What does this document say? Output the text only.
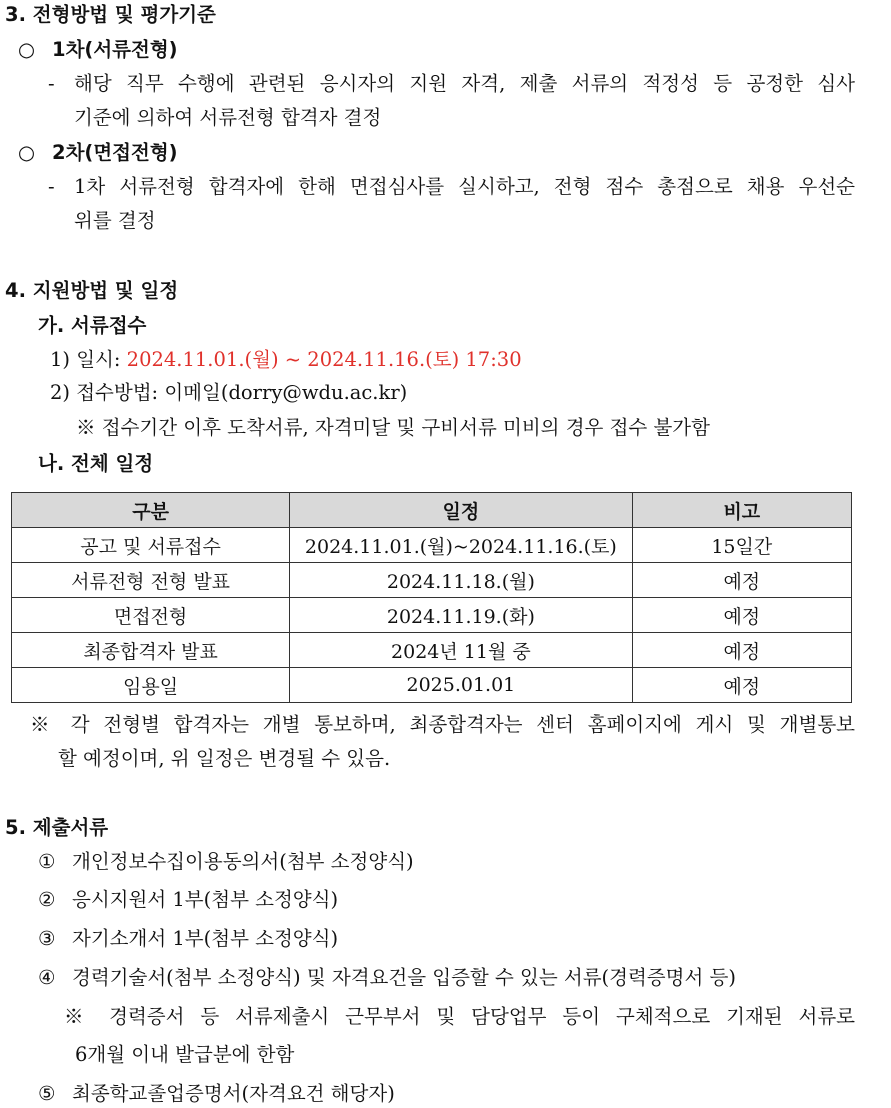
3. 전형방법 및 평가기준
○ 1차(서류전형)
- 해당 직무 수행에 관련된 응시자의 지원 자격, 제출 서류의 적정성 등 공정한 심사
기준에 의하여 서류전형 합격자 결정
○ 2차(면접전형)
- 1차 서류전형 합격자에 한해 면접심사를 실시하고, 전형 점수 총점으로 채용 우선순
위를 결정
4. 지원방법 및 일정
가. 서류접수
1) 일시: 2024.11.01.(월) ~ 2024.11.16.(토) 17:30
2) 접수방법: 이메일(dorry@wdu.ac.kr)
※ 접수기간 이후 도착서류, 자격미달 및 구비서류 미비의 경우 접수 불가함
나. 전체 일정
구분	일정	비고
공고 및 서류접수	2024.11.01.(월)~2024.11.16.(토)	15일간
서류전형 전형 발표	2024.11.18.(월)	예정
면접전형	2024.11.19.(화)	예정
최종합격자 발표	2024년 11월 중	예정
임용일	2025.01.01	예정
※ 각 전형별 합격자는 개별 통보하며, 최종합격자는 센터 홈페이지에 게시 및 개별통보
할 예정이며, 위 일정은 변경될 수 있음.
5. 제출서류
① 개인정보수집이용동의서(첨부 소정양식)
② 응시지원서 1부(첨부 소정양식)
③ 자기소개서 1부(첨부 소정양식)
④ 경력기술서(첨부 소정양식) 및 자격요건을 입증할 수 있는 서류(경력증명서 등)
※ 경력증서 등 서류제출시 근무부서 및 담당업무 등이 구체적으로 기재된 서류로
6개월 이내 발급분에 한함
⑤ 최종학교졸업증명서(자격요건 해당자)
